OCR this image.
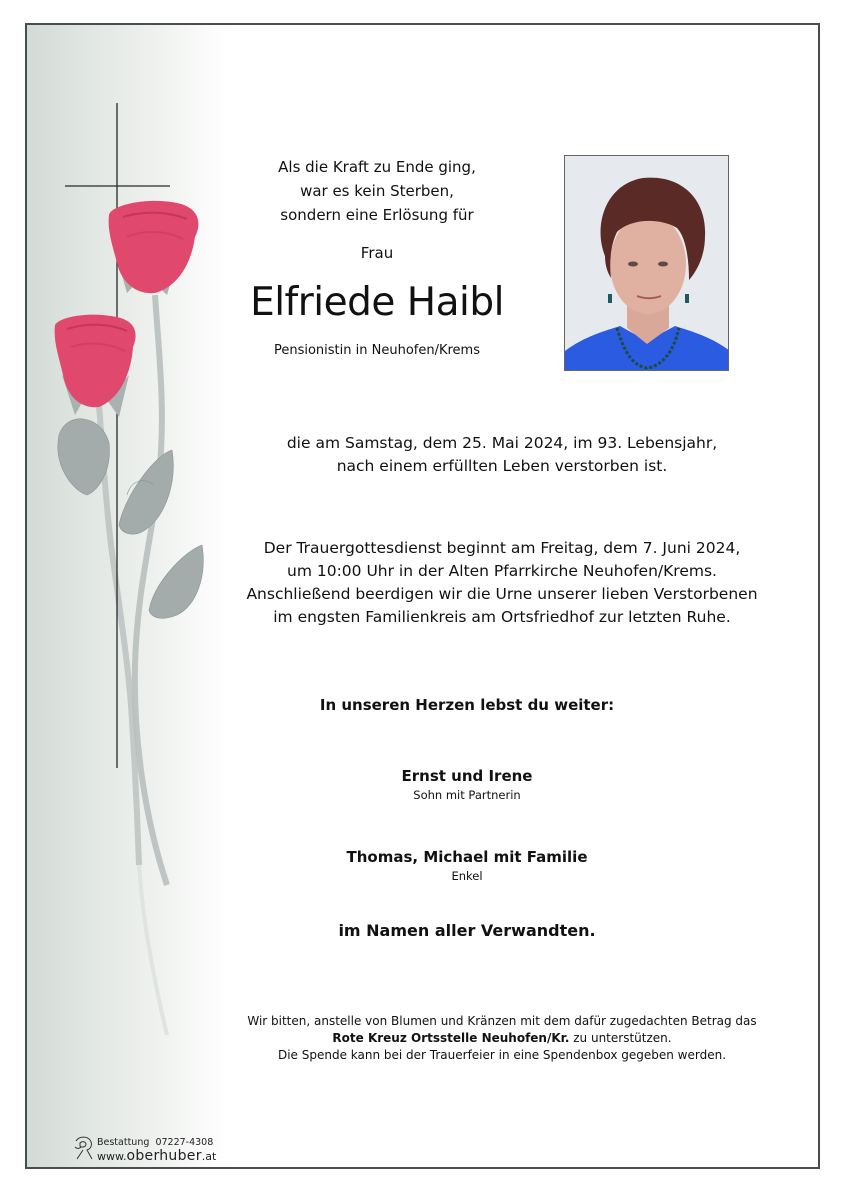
Als die Kraft zu Ende ging,
war es kein Sterben,
sondern eine Erlösung für
Frau
Elfriede Haibl
Pensionistin in Neuhofen/Krems
die am Samstag, dem 25. Mai 2024, im 93. Lebensjahr,
nach einem erfüllten Leben verstorben ist.
Der Trauergottesdienst beginnt am Freitag, dem 7. Juni 2024,
um 10:00 Uhr in der Alten Pfarrkirche Neuhofen/Krems.
Anschließend beerdigen wir die Urne unserer lieben Verstorbenen
im engsten Familienkreis am Ortsfriedhof zur letzten Ruhe.
In unseren Herzen lebst du weiter:
Ernst und Irene
Sohn mit Partnerin
Thomas, Michael mit Familie
Enkel
im Namen aller Verwandten.
Wir bitten, anstelle von Blumen und Kränzen mit dem dafür zugedachten Betrag das
Rote Kreuz Ortsstelle Neuhofen/Kr. zu unterstützen.
Die Spende kann bei der Trauerfeier in eine Spendenbox gegeben werden.
Bestattung 07227-4308
www.oberhuber.at
